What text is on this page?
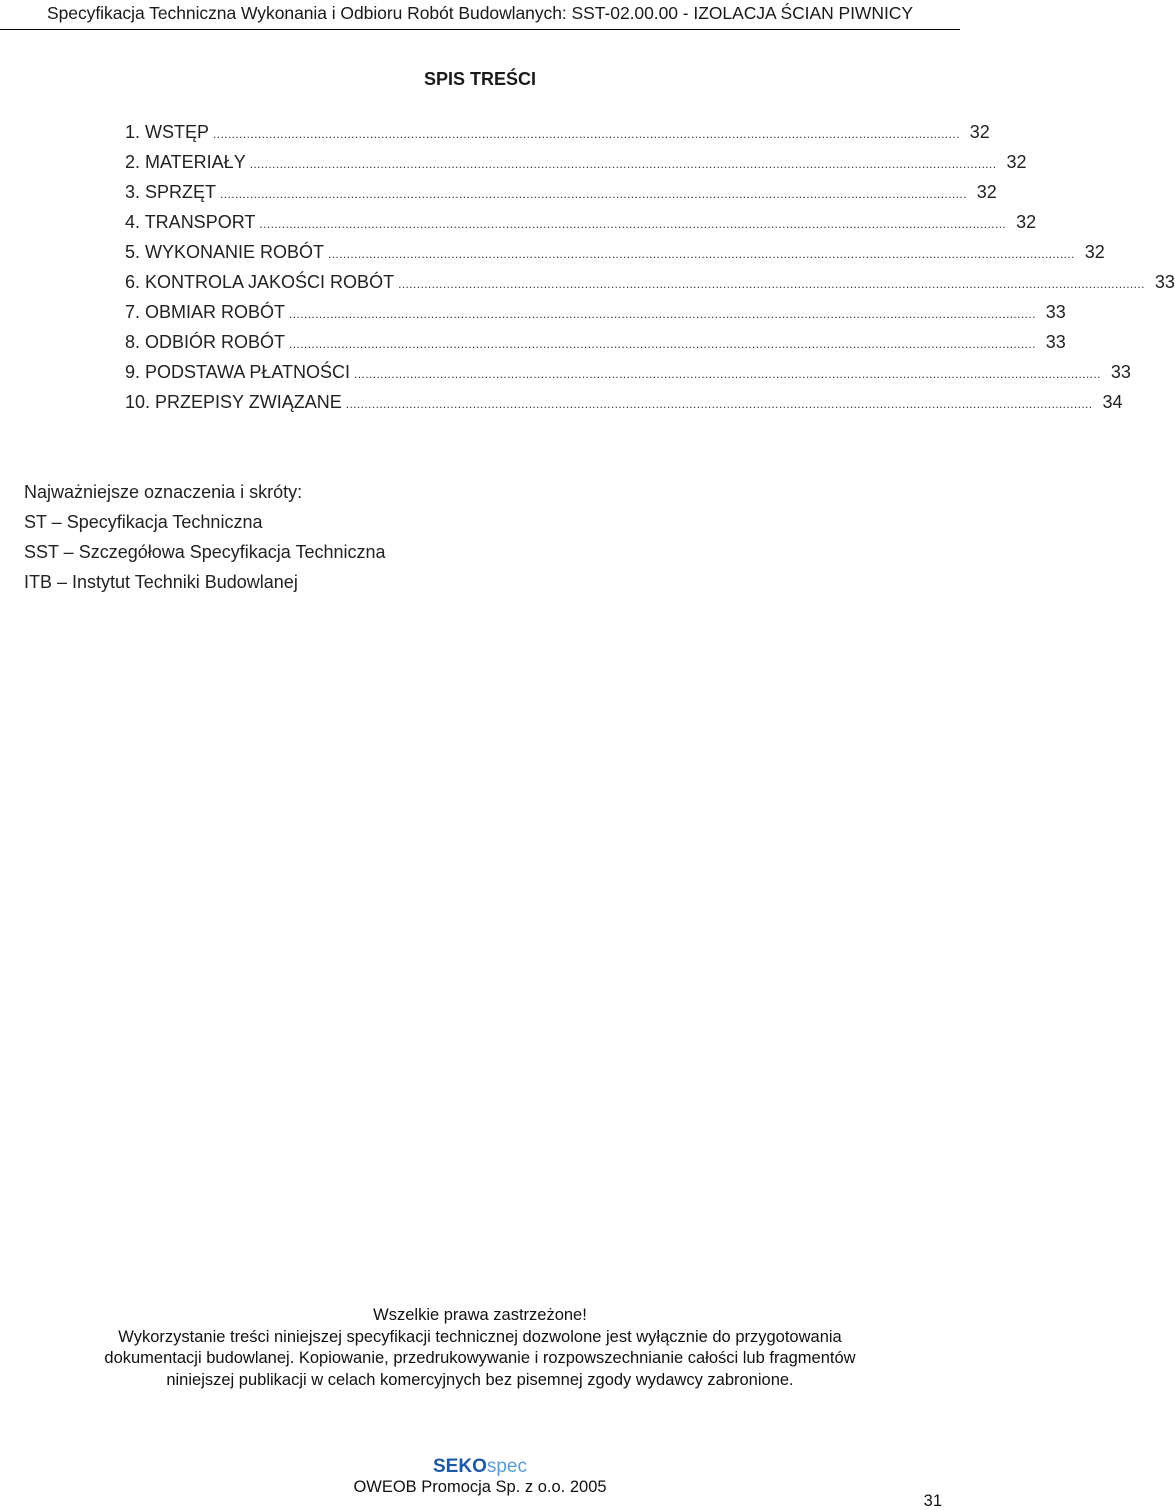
Specyfikacja Techniczna Wykonania i Odbioru Robót Budowlanych: SST-02.00.00 - IZOLACJA ŚCIAN PIWNICY
SPIS TREŚCI
1. WSTĘP ........................................................................................................................................................................................................ 32
2. MATERIAŁY ........................................................................................................................................................................................................ 32
3. SPRZĘT ........................................................................................................................................................................................................ 32
4. TRANSPORT ........................................................................................................................................................................................................ 32
5. WYKONANIE ROBÓT ........................................................................................................................................................................................................ 32
6. KONTROLA JAKOŚCI ROBÓT ........................................................................................................................................................................................................ 33
7. OBMIAR ROBÓT ........................................................................................................................................................................................................ 33
8. ODBIÓR ROBÓT ........................................................................................................................................................................................................ 33
9. PODSTAWA PŁATNOŚCI ........................................................................................................................................................................................................ 33
10. PRZEPISY ZWIĄZANE ........................................................................................................................................................................................................ 34
Najważniejsze oznaczenia i skróty:
ST – Specyfikacja Techniczna
SST – Szczegółowa Specyfikacja Techniczna
ITB – Instytut Techniki Budowlanej

Wszelkie prawa zastrzeżone!

Wykorzystanie treści niniejszej specyfikacji technicznej dozwolone jest wyłącznie do przygotowania

dokumentacji budowlanej. Kopiowanie, przedrukowywanie i rozpowszechnianie całości lub fragmentów

niniejszej publikacji w celach komercyjnych bez pisemnej zgody wydawcy zabronione.

SEKOspec
OWEOB Promocja Sp. z o.o. 2005
31
